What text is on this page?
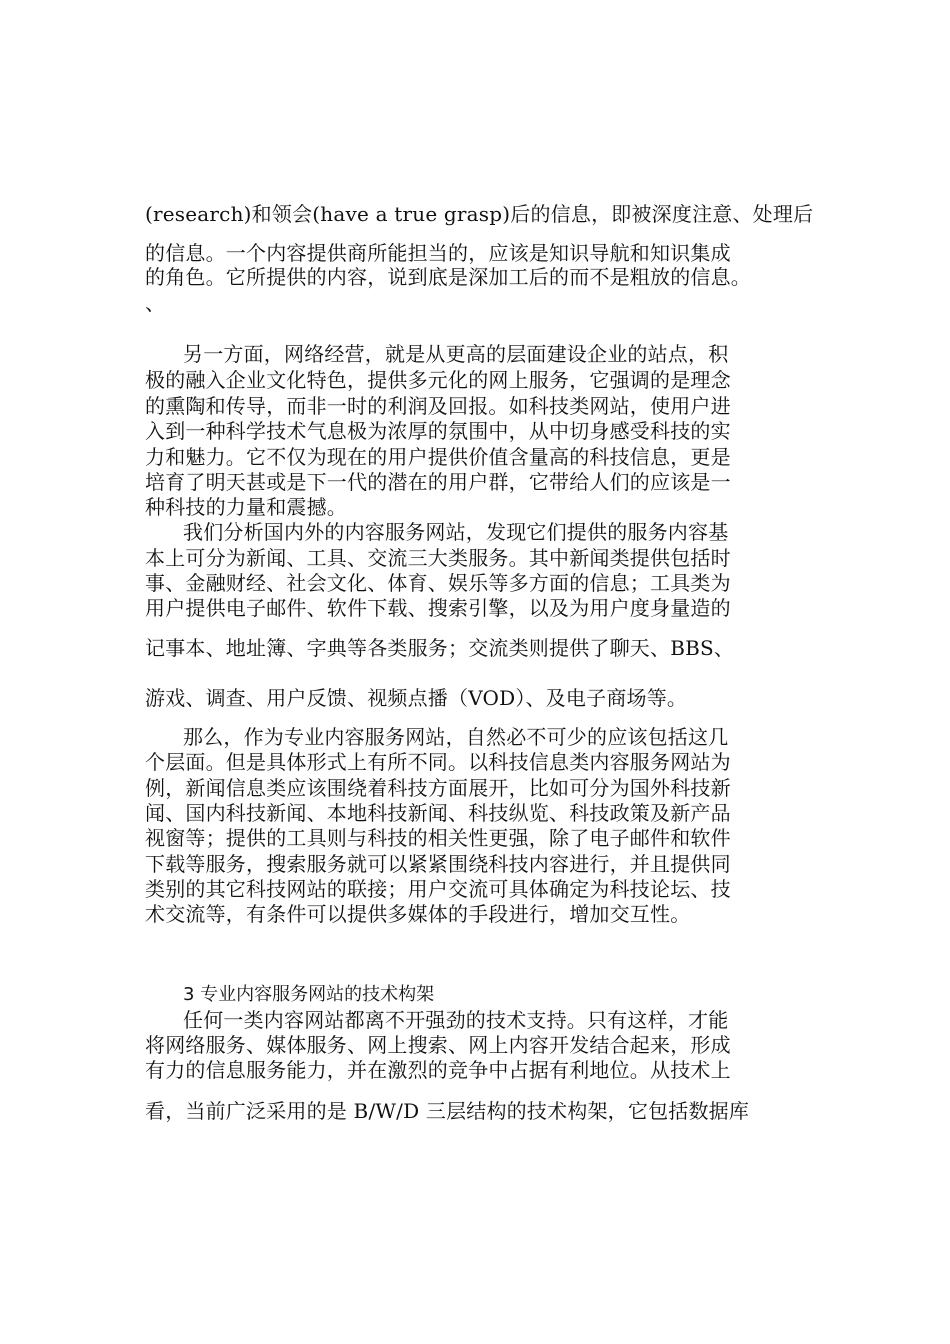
(research)和领会(have a true grasp)后的信息，即被深度注意、处理后
的信息。一个内容提供商所能担当的，应该是知识导航和知识集成
的角色。它所提供的内容，说到底是深加工后的而不是粗放的信息。
、
另一方面，网络经营，就是从更高的层面建设企业的站点，积
极的融入企业文化特色，提供多元化的网上服务，它强调的是理念
的熏陶和传导，而非一时的利润及回报。如科技类网站，使用户进
入到一种科学技术气息极为浓厚的氛围中，从中切身感受科技的实
力和魅力。它不仅为现在的用户提供价值含量高的科技信息，更是
培育了明天甚或是下一代的潜在的用户群，它带给人们的应该是一
种科技的力量和震撼。
我们分析国内外的内容服务网站，发现它们提供的服务内容基
本上可分为新闻、工具、交流三大类服务。其中新闻类提供包括时
事、金融财经、社会文化、体育、娱乐等多方面的信息；工具类为
用户提供电子邮件、软件下载、搜索引擎，以及为用户度身量造的
记事本、地址簿、字典等各类服务；交流类则提供了聊天、BBS、
游戏、调查、用户反馈、视频点播（VOD）、及电子商场等。
那么，作为专业内容服务网站，自然必不可少的应该包括这几
个层面。但是具体形式上有所不同。以科技信息类内容服务网站为
例，新闻信息类应该围绕着科技方面展开，比如可分为国外科技新
闻、国内科技新闻、本地科技新闻、科技纵览、科技政策及新产品
视窗等；提供的工具则与科技的相关性更强，除了电子邮件和软件
下载等服务，搜索服务就可以紧紧围绕科技内容进行，并且提供同
类别的其它科技网站的联接；用户交流可具体确定为科技论坛、技
术交流等，有条件可以提供多媒体的手段进行，增加交互性。
3 专业内容服务网站的技术构架
任何一类内容网站都离不开强劲的技术支持。只有这样，才能
将网络服务、媒体服务、网上搜索、网上内容开发结合起来，形成
有力的信息服务能力，并在激烈的竞争中占据有利地位。从技术上
看，当前广泛采用的是 B/W/D 三层结构的技术构架，它包括数据库
